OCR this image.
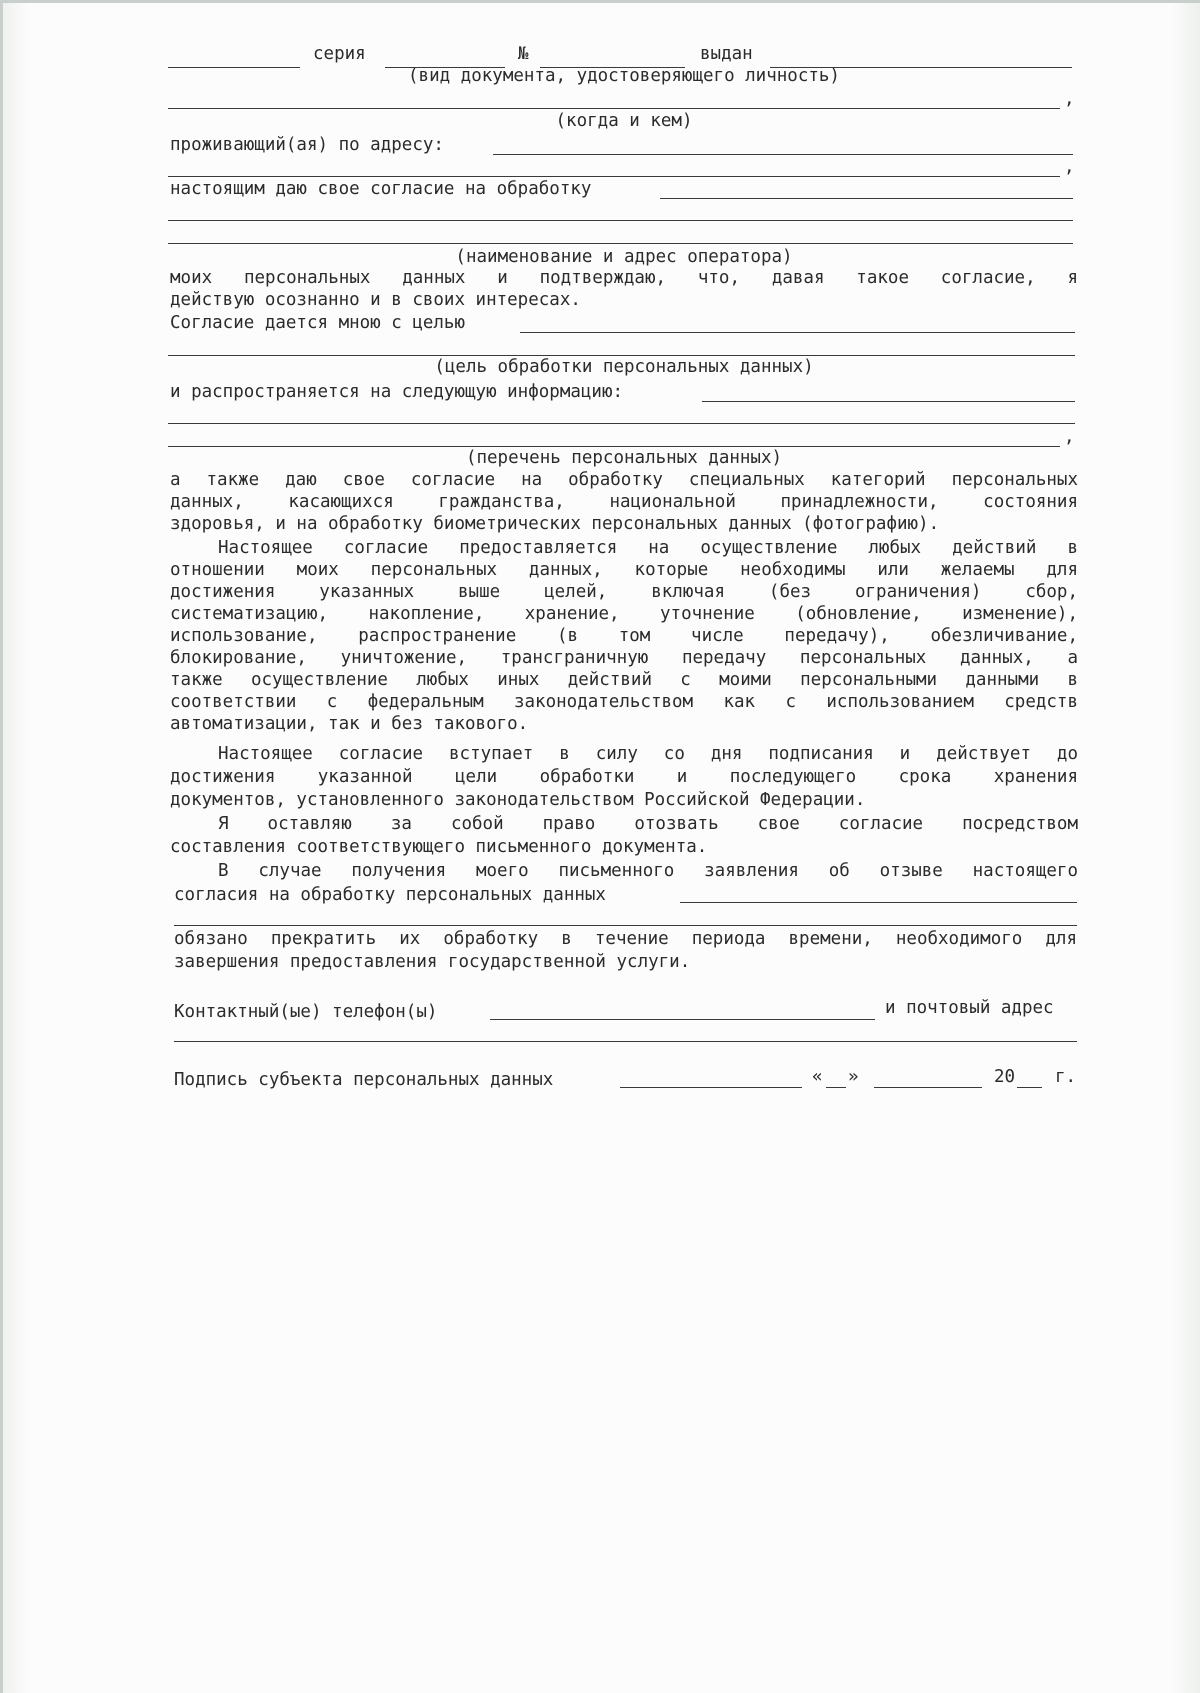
серия	№	выдан
(вид документа, удостоверяющего личность)
,
(когда и кем)
проживающий(ая) по адресу:
,
настоящим даю свое согласие на обработку
(наименование и адрес оператора)
моих персональных данных и подтверждаю, что, давая такое согласие, я
действую осознанно и в своих интересах.
Согласие дается мною с целью
(цель обработки персональных данных)
и распространяется на следующую информацию:
,
(перечень персональных данных)
а также даю свое согласие на обработку специальных категорий персональных
данных, касающихся гражданства, национальной принадлежности, состояния
здоровья, и на обработку биометрических персональных данных (фотографию).
Настоящее согласие предоставляется на осуществление любых действий в
отношении моих персональных данных, которые необходимы или желаемы для
достижения указанных выше целей, включая (без ограничения) сбор,
систематизацию, накопление, хранение, уточнение (обновление, изменение),
использование, распространение (в том числе передачу), обезличивание,
блокирование, уничтожение, трансграничную передачу персональных данных, а
также осуществление любых иных действий с моими персональными данными в
соответствии с федеральным законодательством как с использованием средств
автоматизации, так и без такового.
Настоящее согласие вступает в силу со дня подписания и действует до
достижения указанной цели обработки и последующего срока хранения
документов, установленного законодательством Российской Федерации.
Я оставляю за собой право отозвать свое согласие посредством
составления соответствующего письменного документа.
В случае получения моего письменного заявления об отзыве настоящего
согласия на обработку персональных данных
обязано прекратить их обработку в течение периода времени, необходимого для
завершения предоставления государственной услуги.
Контактный(ые) телефон(ы)	и почтовый адрес
Подпись субъекта персональных данных	« »	20 г.
